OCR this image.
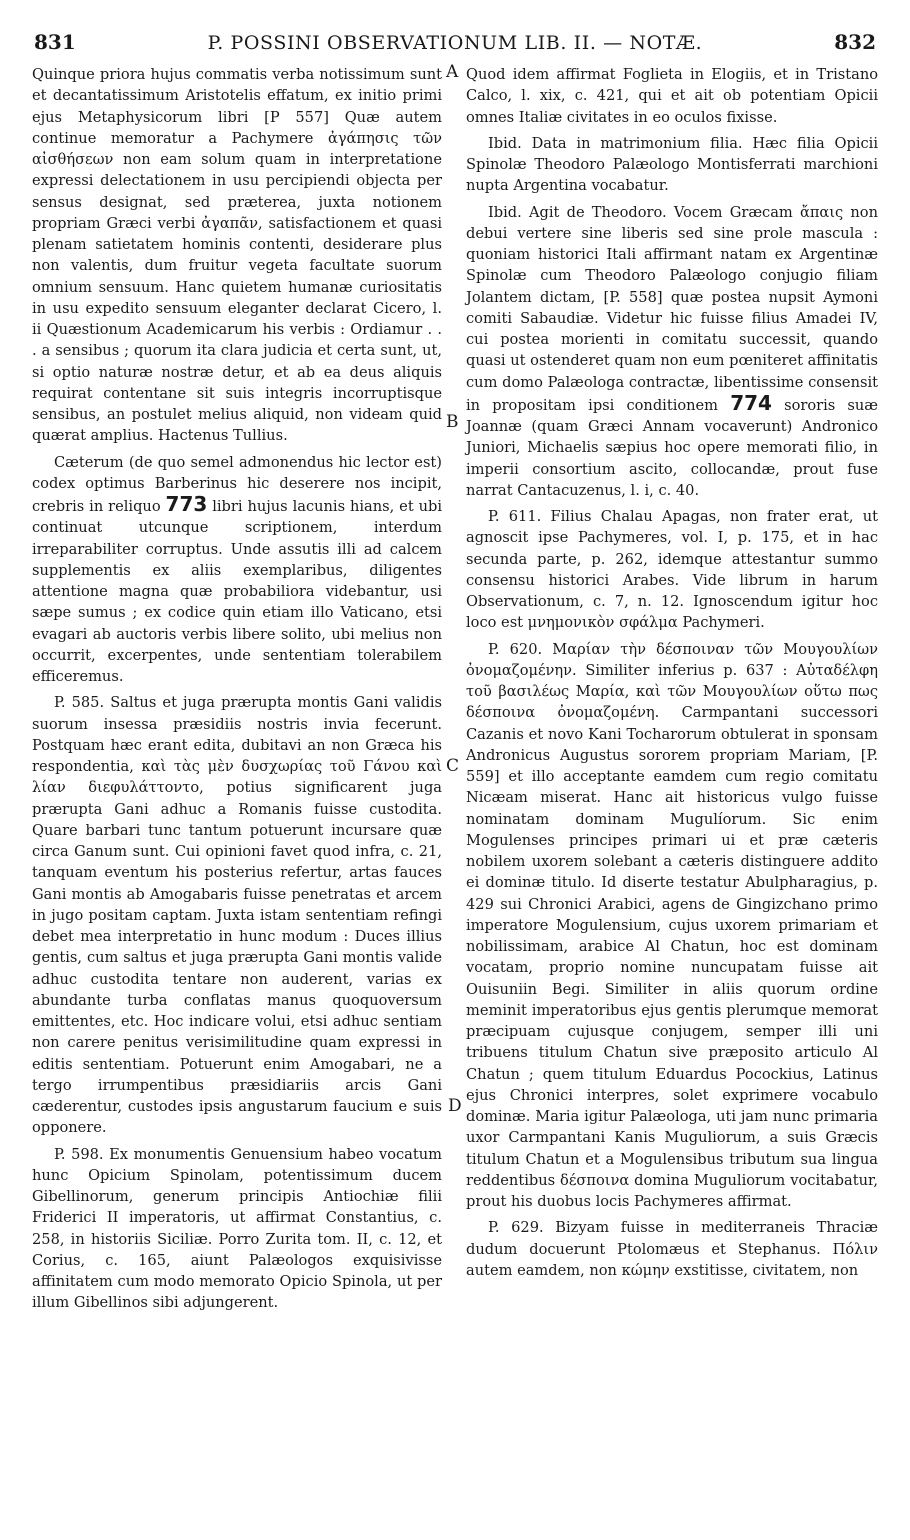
831	P. POSSINI OBSERVATIONUM LIB. II. — NOTÆ.	832
A
B
C
D

Quinque priora hujus commatis verba notissimum sunt et decantatissimum Aristotelis effatum, ex initio primi ejus Metaphysicorum libri [P 557] Quæ autem continue memoratur a Pachymere ἀγάπησις τῶν αἰσθήσεων non eam solum quam in interpretatione expressi delectationem in usu percipiendi objecta per sensus designat, sed præterea, juxta notionem propriam Græci verbi ἀγαπᾶν, satisfactionem et quasi plenam satietatem hominis contenti, desiderare plus non valentis, dum fruitur vegeta facultate suorum omnium sensuum. Hanc quietem humanæ curiositatis in usu expedito sensuum eleganter declarat Cicero, l. ii Quæstionum Academicarum his verbis : Ordiamur . . . a sensibus ; quorum ita clara judicia et certa sunt, ut, si optio naturæ nostræ detur, et ab ea deus aliquis requirat contentane sit suis integris incorruptisque sensibus, an postulet melius aliquid, non videam quid quærat amplius. Hactenus Tullius.

Cæterum (de quo semel admonendus hic lector est) codex optimus Barberinus hic deserere nos incipit, crebris in reliquo 773 libri hujus lacunis hians, et ubi continuat utcunque scriptionem, interdum irreparabiliter corruptus. Unde assutis illi ad calcem supplementis ex aliis exemplaribus, diligentes attentione magna quæ probabiliora videbantur, usi sæpe sumus ; ex codice quin etiam illo Vaticano, etsi evagari ab auctoris verbis libere solito, ubi melius non occurrit, excerpentes, unde sententiam tolerabilem efficeremus.

P. 585. Saltus et juga prærupta montis Gani validis suorum insessa præsidiis nostris invia fecerunt. Postquam hæc erant edita, dubitavi an non Græca his respondentia, καὶ τὰς μὲν δυσχωρίας τοῦ Γάνου καὶ λίαν διεφυλάττοντο, potius significarent juga prærupta Gani adhuc a Romanis fuisse custodita. Quare barbari tunc tantum potuerunt incursare quæ circa Ganum sunt. Cui opinioni favet quod infra, c. 21, tanquam eventum his posterius refertur, artas fauces Gani montis ab Amogabaris fuisse penetratas et arcem in jugo positam captam. Juxta istam sententiam refingi debet mea interpretatio in hunc modum : Duces illius gentis, cum saltus et juga prærupta Gani montis valide adhuc custodita tentare non auderent, varias ex abundante turba conflatas manus quoquoversum emittentes, etc. Hoc indicare volui, etsi adhuc sentiam non carere penitus verisimilitudine quam expressi in editis sententiam. Potuerunt enim Amogabari, ne a tergo irrumpentibus præsidiariis arcis Gani cæderentur, custodes ipsis angustarum faucium e suis opponere.

P. 598. Ex monumentis Genuensium habeo vocatum hunc Opicium Spinolam, potentissimum ducem Gibellinorum, generum principis Antiochiæ filii Friderici II imperatoris, ut affirmat Constantius, c. 258, in historiis Siciliæ. Porro Zurita tom. II, c. 12, et Corius, c. 165, aiunt Palæologos exquisivisse affinitatem cum modo memorato Opicio Spinola, ut per illum Gibellinos sibi adjungerent.

Quod idem affirmat Foglieta in Elogiis, et in Tristano Calco, l. xix, c. 421, qui et ait ob potentiam Opicii omnes Italiæ civitates in eo oculos fixisse.

Ibid. Data in matrimonium filia. Hæc filia Opicii Spinolæ Theodoro Palæologo Montisferrati marchioni nupta Argentina vocabatur.

Ibid. Agit de Theodoro. Vocem Græcam ἄπαις non debui vertere sine liberis sed sine prole mascula : quoniam historici Itali affirmant natam ex Argentinæ Spinolæ cum Theodoro Palæologo conjugio filiam Jolantem dictam, [P. 558] quæ postea nupsit Aymoni comiti Sabaudiæ. Videtur hic fuisse filius Amadei IV, cui postea morienti in comitatu successit, quando quasi ut ostenderet quam non eum pœniteret affinitatis cum domo Palæologa contractæ, libentissime consensit in propositam ipsi conditionem 774 sororis suæ Joannæ (quam Græci Annam vocaverunt) Andronico Juniori, Michaelis sæpius hoc opere memorati filio, in imperii consortium ascito, collocandæ, prout fuse narrat Cantacuzenus, l. i, c. 40.

P. 611. Filius Chalau Apagas, non frater erat, ut agnoscit ipse Pachymeres, vol. I, p. 175, et in hac secunda parte, p. 262, idemque attestantur summo consensu historici Arabes. Vide librum in harum Observationum, c. 7, n. 12. Ignoscendum igitur hoc loco est μνημονικὸν σφάλμα Pachymeri.

P. 620. Μαρίαν τὴν δέσποιναν τῶν Μουγουλίων ὀνομαζομένην. Similiter inferius p. 637 : Αὐταδέλφη τοῦ βασιλέως Μαρία, καὶ τῶν Μουγουλίων οὕτω πως δέσποινα ὀνομαζομένη. Carmpantani successori Cazanis et novo Kani Tocharorum obtulerat in sponsam Andronicus Augustus sororem propriam Mariam, [P. 559] et illo acceptante eamdem cum regio comitatu Nicæam miserat. Hanc ait historicus vulgo fuisse nominatam dominam Mugulíorum. Sic enim Mogulenses principes primari ui et præ cæteris nobilem uxorem solebant a cæteris distinguere addito ei dominæ titulo. Id diserte testatur Abulpharagius, p. 429 sui Chronici Arabici, agens de Gingizchano primo imperatore Mogulensium, cujus uxorem primariam et nobilissimam, arabice Al Chatun, hoc est dominam vocatam, proprio nomine nuncupatam fuisse ait Ouisuniin Begi. Similiter in aliis quorum ordine meminit imperatoribus ejus gentis plerumque memorat præcipuam cujusque conjugem, semper illi uni tribuens titulum Chatun sive præposito articulo Al Chatun ; quem titulum Eduardus Pocockius, Latinus ejus Chronici interpres, solet exprimere vocabulo dominæ. Maria igitur Palæologa, uti jam nunc primaria uxor Carmpantani Kanis Muguliorum, a suis Græcis titulum Chatun et a Mogulensibus tributum sua lingua reddentibus δέσποινα domina Muguliorum vocitabatur, prout his duobus locis Pachymeres affirmat.

P. 629. Bizyam fuisse in mediterraneis Thraciæ dudum docuerunt Ptolomæus et Stephanus. Πόλιν autem eamdem, non κώμην exstitisse, civitatem, non
